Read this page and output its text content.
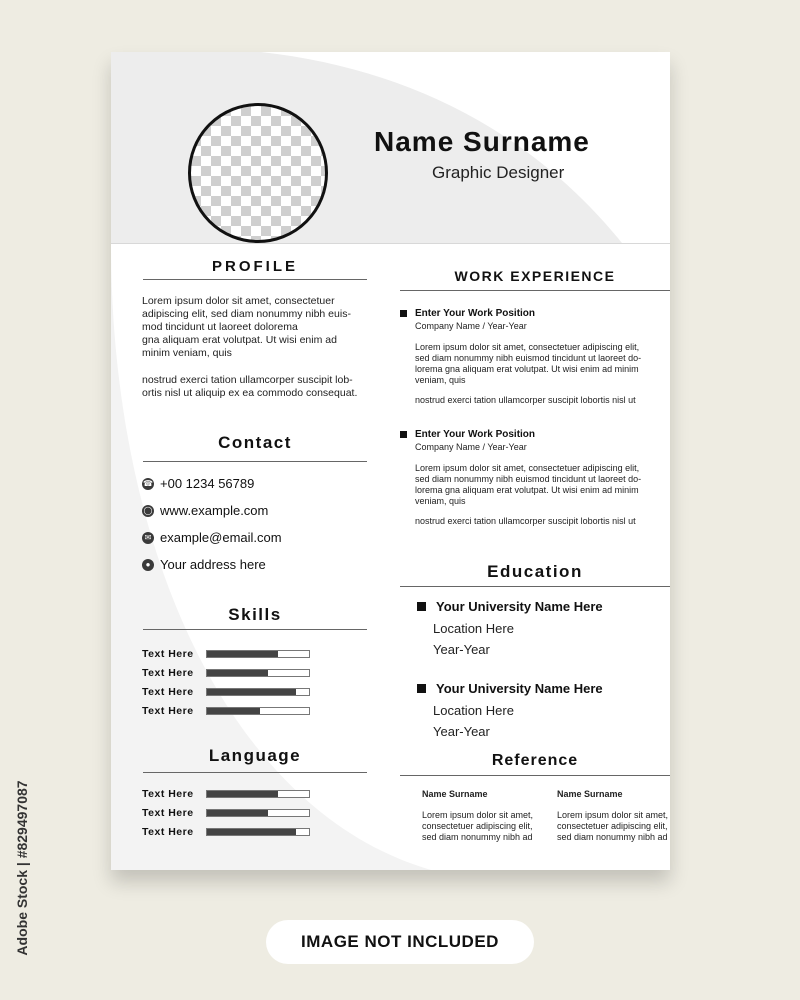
Name Surname
Graphic Designer
PROFILE
Lorem ipsum dolor sit amet, consectetuer
adipiscing elit, sed diam nonummy nibh euis-
mod tincidunt ut laoreet dolorema
gna aliquam erat volutpat. Ut wisi enim ad
minim veniam, quis
nostrud exerci tation ullamcorper suscipit lob-
ortis nisl ut aliquip ex ea commodo consequat.
Contact
☎ +00 1234 56789
◯ www.example.com
✉ example@email.com
● Your address here
Skills
Text Here
Text Here
Text Here
Text Here
Language
Text Here
Text Here
Text Here
WORK EXPERIENCE
Enter Your Work Position
Company Name / Year-Year
Lorem ipsum dolor sit amet, consectetuer adipiscing elit,
sed diam nonummy nibh euismod tincidunt ut laoreet do-
lorema gna aliquam erat volutpat. Ut wisi enim ad minim
veniam, quis
nostrud exerci tation ullamcorper suscipit lobortis nisl ut
Enter Your Work Position
Company Name / Year-Year
Lorem ipsum dolor sit amet, consectetuer adipiscing elit,
sed diam nonummy nibh euismod tincidunt ut laoreet do-
lorema gna aliquam erat volutpat. Ut wisi enim ad minim
veniam, quis
nostrud exerci tation ullamcorper suscipit lobortis nisl ut
Education
Your University Name Here
Location Here
Year-Year
Your University Name Here
Location Here
Year-Year
Reference
Name Surname
Lorem ipsum dolor sit amet,
consectetuer adipiscing elit,
sed diam nonummy nibh ad
Name Surname
Lorem ipsum dolor sit amet,
consectetuer adipiscing elit,
sed diam nonummy nibh ad
IMAGE NOT INCLUDED
Adobe Stock | #829497087
